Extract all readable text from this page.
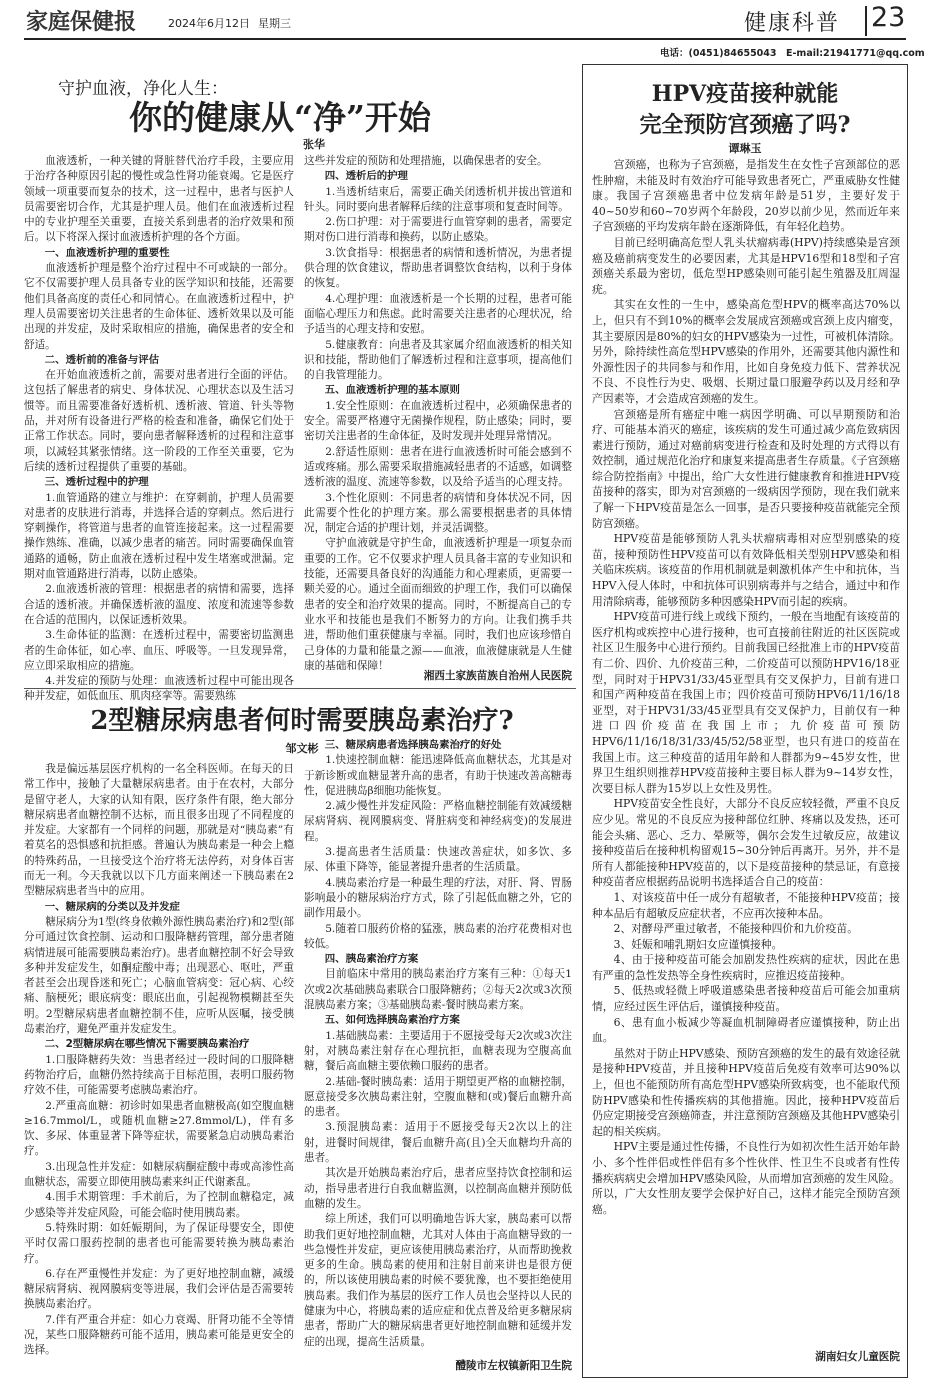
家庭保健报	2024年6月12日 星期三	健康科普 23
电话：(0451)84655043　E-mail:21941771@qq.com
守护血液，净化人生：
你的健康从“净”开始
张华

血液透析，一种关键的肾脏替代治疗手段，主要应用于治疗各种原因引起的慢性或急性肾功能衰竭。它是医疗领域一项重要而复杂的技术，这一过程中，患者与医护人员需要密切合作，尤其是护理人员。他们在血液透析过程中的专业护理至关重要，直接关系到患者的治疗效果和预后。以下将深入探讨血液透析护理的各个方面。

一、血液透析护理的重要性

血液透析护理是整个治疗过程中不可或缺的一部分。它不仅需要护理人员具备专业的医学知识和技能，还需要他们具备高度的责任心和同情心。在血液透析过程中，护理人员需要密切关注患者的生命体征、透析效果以及可能出现的并发症，及时采取相应的措施，确保患者的安全和舒适。

二、透析前的准备与评估

在开始血液透析之前，需要对患者进行全面的评估。这包括了解患者的病史、身体状况、心理状态以及生活习惯等。而且需要准备好透析机、透析液、管道、针头等物品，并对所有设备进行严格的检查和准备，确保它们处于正常工作状态。同时，要向患者解释透析的过程和注意事项，以减轻其紧张情绪。这一阶段的工作至关重要，它为后续的透析过程提供了重要的基础。

三、透析过程中的护理

1.血管通路的建立与维护：在穿刺前，护理人员需要对患者的皮肤进行消毒，并选择合适的穿刺点。然后进行穿刺操作，将管道与患者的血管连接起来。这一过程需要操作熟练、准确，以减少患者的痛苦。同时需要确保血管通路的通畅，防止血液在透析过程中发生堵塞或泄漏。定期对血管通路进行消毒，以防止感染。

2.血液透析液的管理：根据患者的病情和需要，选择合适的透析液。并确保透析液的温度、浓度和流速等参数在合适的范围内，以保证透析效果。

3.生命体征的监测：在透析过程中，需要密切监测患者的生命体征，如心率、血压、呼吸等。一旦发现异常，应立即采取相应的措施。

4.并发症的预防与处理：血液透析过程中可能出现各种并发症，如低血压、肌肉痉挛等。需要熟练

这些并发症的预防和处理措施，以确保患者的安全。

四、透析后的护理

1.当透析结束后，需要正确关闭透析机并拔出管道和针头。同时要向患者解释后续的注意事项和复查时间等。

2.伤口护理：对于需要进行血管穿刺的患者，需要定期对伤口进行消毒和换药，以防止感染。

3.饮食指导：根据患者的病情和透析情况，为患者提供合理的饮食建议，帮助患者调整饮食结构，以利于身体的恢复。

4.心理护理：血液透析是一个长期的过程，患者可能面临心理压力和焦虑。此时需要关注患者的心理状况，给予适当的心理支持和安慰。

5.健康教育：向患者及其家属介绍血液透析的相关知识和技能，帮助他们了解透析过程和注意事项，提高他们的自我管理能力。

五、血液透析护理的基本原则

1.安全性原则：在血液透析过程中，必须确保患者的安全。需要严格遵守无菌操作规程，防止感染；同时，要密切关注患者的生命体征，及时发现并处理异常情况。

2.舒适性原则：患者在进行血液透析时可能会感到不适或疼痛。那么需要采取措施减轻患者的不适感，如调整透析液的温度、流速等参数，以及给予适当的心理支持。

3.个性化原则：不同患者的病情和身体状况不同，因此需要个性化的护理方案。那么需要根据患者的具体情况，制定合适的护理计划，并灵活调整。

守护血液就是守护生命，血液透析护理是一项复杂而重要的工作。它不仅要求护理人员具备丰富的专业知识和技能，还需要具备良好的沟通能力和心理素质，更需要一颗关爱的心。通过全面而细致的护理工作，我们可以确保患者的安全和治疗效果的提高。同时，不断提高自己的专业水平和技能也是我们不断努力的方向。让我们携手共进，帮助他们重获健康与幸福。同时，我们也应该珍惜自己身体的力量和能量之源——血液，血液健康就是人生健康的基础和保障！

湘西土家族苗族自治州人民医院
2型糖尿病患者何时需要胰岛素治疗?
邹文彬

我是偏远基层医疗机构的一名全科医师。在每天的日常工作中，接触了大量糖尿病患者。由于在农村，大部分是留守老人，大家的认知有限，医疗条件有限，绝大部分糖尿病患者血糖控制不达标，而且很多出现了不同程度的并发症。大家都有一个同样的问题，那就是对“胰岛素”有着莫名的恐惧感和抗拒感。普遍认为胰岛素是一种会上瘾的特殊药品，一旦接受这个治疗将无法停药，对身体百害而无一利。今天我就以以下几方面来阐述一下胰岛素在2型糖尿病患者当中的应用。

一、糖尿病的分类以及并发症

糖尿病分为1型(终身依赖外源性胰岛素治疗)和2型(部分可通过饮食控制、运动和口服降糖药管理，部分患者随病情进展可能需要胰岛素治疗)。患者血糖控制不好会导致多种并发症发生，如酮症酸中毒；出现恶心、呕吐，严重者甚至会出现昏迷和死亡；心脑血管病变：冠心病、心绞痛、脑梗死；眼底病变：眼底出血，引起视物模糊甚至失明。2型糖尿病患者血糖控制不佳，应听从医嘱，接受胰岛素治疗，避免严重并发症发生。

二、2型糖尿病在哪些情况下需要胰岛素治疗

1.口服降糖药失效：当患者经过一段时间的口服降糖药物治疗后，血糖仍然持续高于目标范围，表明口服药物疗效不佳，可能需要考虑胰岛素治疗。

2.严重高血糖：初诊时如果患者血糖极高(如空腹血糖≥16.7mmol/L，或随机血糖≥27.8mmol/L)，伴有多饮、多尿、体重显著下降等症状，需要紧急启动胰岛素治疗。

3.出现急性并发症：如糖尿病酮症酸中毒或高渗性高血糖状态，需要立即使用胰岛素来纠正代谢紊乱。

4.围手术期管理：手术前后，为了控制血糖稳定，减少感染等并发症风险，可能会临时使用胰岛素。

5.特殊时期：如妊娠期间，为了保证母婴安全，即使平时仅需口服药控制的患者也可能需要转换为胰岛素治疗。

6.存在严重慢性并发症：为了更好地控制血糖，减缓糖尿病肾病、视网膜病变等进展，我们会评估是否需要转换胰岛素治疗。

7.伴有严重合并症：如心力衰竭、肝肾功能不全等情况，某些口服降糖药可能不适用，胰岛素可能是更安全的选择。

三、糖尿病患者选择胰岛素治疗的好处

1.快速控制血糖：能迅速降低高血糖状态，尤其是对于新诊断或血糖显著升高的患者，有助于快速改善高糖毒性，促进胰岛β细胞功能恢复。

2.减少慢性并发症风险：严格血糖控制能有效减缓糖尿病肾病、视网膜病变、肾脏病变和神经病变)的发展进程。

3.提高患者生活质量：快速改善症状，如多饮、多尿、体重下降等，能显著提升患者的生活质量。

4.胰岛素治疗是一种最生理的疗法，对肝、肾、胃肠影响最小的糖尿病治疗方式，除了引起低血糖之外，它的副作用最小。

5.随着口服药价格的猛涨，胰岛素的治疗花费相对也较低。

四、胰岛素治疗方案

目前临床中常用的胰岛素治疗方案有三种：①每天1次或2次基础胰岛素联合口服降糖药；②每天2次或3次预混胰岛素方案；③基础胰岛素-餐时胰岛素方案。

五、如何选择胰岛素治疗方案

1.基础胰岛素：主要适用于不愿接受每天2次或3次注射，对胰岛素注射存在心理抗拒，血糖表现为空腹高血糖，餐后高血糖主要依赖口服药的患者。

2.基础-餐时胰岛素：适用于期望更严格的血糖控制，愿意接受多次胰岛素注射，空腹血糖和(或)餐后血糖升高的患者。

3.预混胰岛素：适用于不愿接受每天2次以上的注射，进餐时间规律，餐后血糖升高(且)全天血糖均升高的患者。

其次是开始胰岛素治疗后，患者应坚持饮食控制和运动，指导患者进行自我血糖监测，以控制高血糖并预防低血糖的发生。

综上所述，我们可以明确地告诉大家，胰岛素可以帮助我们更好地控制血糖，尤其对人体由于高血糖导致的一些急慢性并发症，更应该使用胰岛素治疗，从而帮助挽救更多的生命。胰岛素的使用和注射目前来讲也是很方便的，所以该使用胰岛素的时候不要犹豫，也不要拒绝使用胰岛素。我们作为基层的医疗工作人员也会坚持以人民的健康为中心，将胰岛素的适应症和优点普及给更多糖尿病患者，帮助广大的糖尿病患者更好地控制血糖和延缓并发症的出现，提高生活质量。

醴陵市左权镇新阳卫生院
HPV疫苗接种就能
完全预防宫颈癌了吗?
谭琳玉

宫颈癌，也称为子宫颈癌，是指发生在女性子宫颈部位的恶性肿瘤，未能及时有效治疗可能导致患者死亡，严重威胁女性健康。我国子宫颈癌患者中位发病年龄是51岁，主要好发于40~50岁和60~70岁两个年龄段，20岁以前少见，然而近年来子宫颈癌的平均发病年龄在逐渐降低，有年轻化趋势。

目前已经明确高危型人乳头状瘤病毒(HPV)持续感染是宫颈癌及癌前病变发生的必要因素，尤其是HPV16型和18型和子宫颈癌关系最为密切，低危型HP感染则可能引起生殖器及肛周湿疣。

其实在女性的一生中，感染高危型HPV的概率高达70%以上，但只有不到10%的概率会发展成宫颈癌或宫颈上皮内瘤变，其主要原因是80%的妇女的HPV感染为一过性，可被机体清除。另外，除持续性高危型HPV感染的作用外，还需要其他内源性和外源性因子的共同参与和作用，比如自身免疫力低下、营养状况不良、不良性行为史、吸烟、长期过量口服避孕药以及月经和孕产因素等，才会造成宫颈癌的发生。

宫颈癌是所有癌症中唯一病因学明确、可以早期预防和治疗、可能基本消灭的癌症，该疾病的发生可通过减少高危致病因素进行预防，通过对癌前病变进行检查和及时处理的方式得以有效控制，通过规范化治疗和康复来提高患者生存质量。《子宫颈癌综合防控指南》中提出，给广大女性进行健康教育和推进HPV疫苗接种的落实，即为对宫颈癌的一级病因学预防，现在我们就来了解一下HPV疫苗是怎么一回事，是否只要接种疫苗就能完全预防宫颈癌。

HPV疫苗是能够预防人乳头状瘤病毒相对应型别感染的疫苗，接种预防性HPV疫苗可以有效降低相关型别HPV感染和相关临床疾病。该疫苗的作用机制就是刺激机体产生中和抗体，当HPV入侵人体时，中和抗体可识别病毒并与之结合，通过中和作用清除病毒，能够预防多种因感染HPV而引起的疾病。

HPV疫苗可进行线上或线下预约，一般在当地配有该疫苗的医疗机构或疾控中心进行接种，也可直接前往附近的社区医院或社区卫生服务中心进行预约。目前我国已经批准上市的HPV疫苗有二价、四价、九价疫苗三种，二价疫苗可以预防HPV16/18亚型，同时对于HPV31/33/45亚型具有交叉保护力，目前有进口和国产两种疫苗在我国上市；四价疫苗可预防HPV6/11/16/18亚型，对于HPV31/33/45亚型具有交叉保护力，目前仅有一种进口四价疫苗在我国上市；九价疫苗可预防HPV6/11/16/18/31/33/45/52/58亚型，也只有进口的疫苗在我国上市。这三种疫苗的适用年龄和人群都为9~45岁女性，世界卫生组织则推荐HPV疫苗接种主要目标人群为9~14岁女性，次要目标人群为15岁以上女性及男性。

HPV疫苗安全性良好，大部分不良反应较轻微，严重不良反应少见。常见的不良反应为接种部位红肿、疼痛以及发热，还可能会头痛、恶心、乏力、晕厥等，偶尔会发生过敏反应，故建议接种疫苗后在接种机构留观15~30分钟后再离开。另外，并不是所有人都能接种HPV疫苗的，以下是疫苗接种的禁忌证，有意接种疫苗者应根据药品说明书选择适合自己的疫苗：

1、对该疫苗中任一成分有超敏者，不能接种HPV疫苗；接种本品后有超敏反应症状者，不应再次接种本品。

2、对酵母严重过敏者，不能接种四价和九价疫苗。

3、妊娠和哺乳期妇女应谨慎接种。

4、由于接种疫苗可能会加剧发热性疾病的症状，因此在患有严重的急性发热等全身性疾病时，应推迟疫苗接种。

5、低热或轻微上呼吸道感染患者接种疫苗后可能会加重病情，应经过医生评估后，谨慎接种疫苗。

6、患有血小板减少等凝血机制障碍者应谨慎接种，防止出血。

虽然对于防止HPV感染、预防宫颈癌的发生的最有效途径就是接种HPV疫苗，并且接种HPV疫苗后免疫有效率可达90%以上，但也不能预防所有高危型HPV感染所致病变，也不能取代预防HPV感染和性传播疾病的其他措施。因此，接种HPV疫苗后仍应定期接受宫颈癌筛查，并注意预防宫颈癌及其他HPV感染引起的相关疾病。

HPV主要是通过性传播，不良性行为如初次性生活开始年龄小、多个性伴侣或性伴侣有多个性伙伴、性卫生不良或者有性传播疾病病史会增加HPV感染风险，从而增加宫颈癌的发生风险。所以，广大女性朋友要学会保护好自己，这样才能完全预防宫颈癌。

湖南妇女儿童医院
